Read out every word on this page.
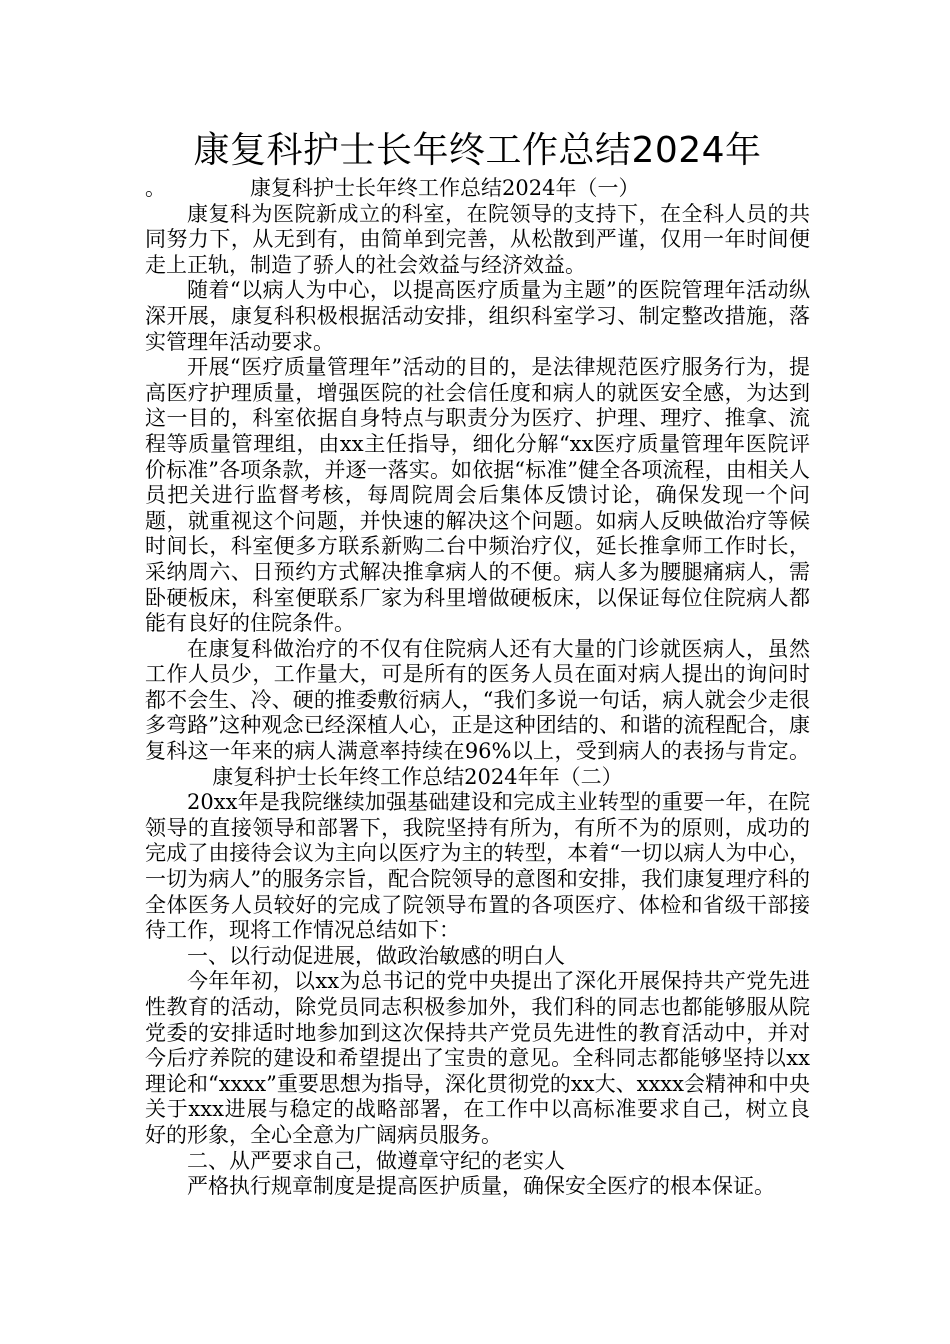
康复科护士长年终工作总结2024年

。	康复科护士长年终工作总结2024年（一）

康复科为医院新成立的科室，在院领导的支持下，在全科人员的共同努力下，从无到有，由简单到完善，从松散到严谨，仅用一年时间便走上正轨，制造了骄人的社会效益与经济效益。

随着“以病人为中心，以提高医疗质量为主题”的医院管理年活动纵深开展，康复科积极根据活动安排，组织科室学习、制定整改措施，落实管理年活动要求。

开展“医疗质量管理年”活动的目的，是法律规范医疗服务行为，提高医疗护理质量，增强医院的社会信任度和病人的就医安全感，为达到这一目的，科室依据自身特点与职责分为医疗、护理、理疗、推拿、流程等质量管理组，由xx主任指导，细化分解“xx医疗质量管理年医院评价标准”各项条款，并逐一落实。如依据“标准”健全各项流程，由相关人员把关进行监督考核，每周院周会后集体反馈讨论，确保发现一个问题，就重视这个问题，并快速的解决这个问题。如病人反映做治疗等候时间长，科室便多方联系新购二台中频治疗仪，延长推拿师工作时长，采纳周六、日预约方式解决推拿病人的不便。病人多为腰腿痛病人，需卧硬板床，科室便联系厂家为科里增做硬板床，以保证每位住院病人都能有良好的住院条件。

在康复科做治疗的不仅有住院病人还有大量的门诊就医病人，虽然工作人员少，工作量大，可是所有的医务人员在面对病人提出的询问时都不会生、冷、硬的推委敷衍病人，“我们多说一句话，病人就会少走很多弯路”这种观念已经深植人心，正是这种团结的、和谐的流程配合，康复科这一年来的病人满意率持续在96%以上，受到病人的表扬与肯定。康复科护士长年终工作总结2024年年（二）

20xx年是我院继续加强基础建设和完成主业转型的重要一年，在院领导的直接领导和部署下，我院坚持有所为，有所不为的原则，成功的完成了由接待会议为主向以医疗为主的转型，本着“一切以病人为中心，一切为病人”的服务宗旨，配合院领导的意图和安排，我们康复理疗科的全体医务人员较好的完成了院领导布置的各项医疗、体检和省级干部接待工作，现将工作情况总结如下：

一、以行动促进展，做政治敏感的明白人

今年年初，以xx为总书记的党中央提出了深化开展保持共产党先进性教育的活动，除党员同志积极参加外，我们科的同志也都能够服从院党委的安排适时地参加到这次保持共产党员先进性的教育活动中，并对今后疗养院的建设和希望提出了宝贵的意见。全科同志都能够坚持以xx理论和“xxxx”重要思想为指导，深化贯彻党的xx大、xxxx会精神和中央关于xxx进展与稳定的战略部署，在工作中以高标准要求自己，树立良好的形象，全心全意为广阔病员服务。

二、从严要求自己，做遵章守纪的老实人

严格执行规章制度是提高医护质量，确保安全医疗的根本保证。
